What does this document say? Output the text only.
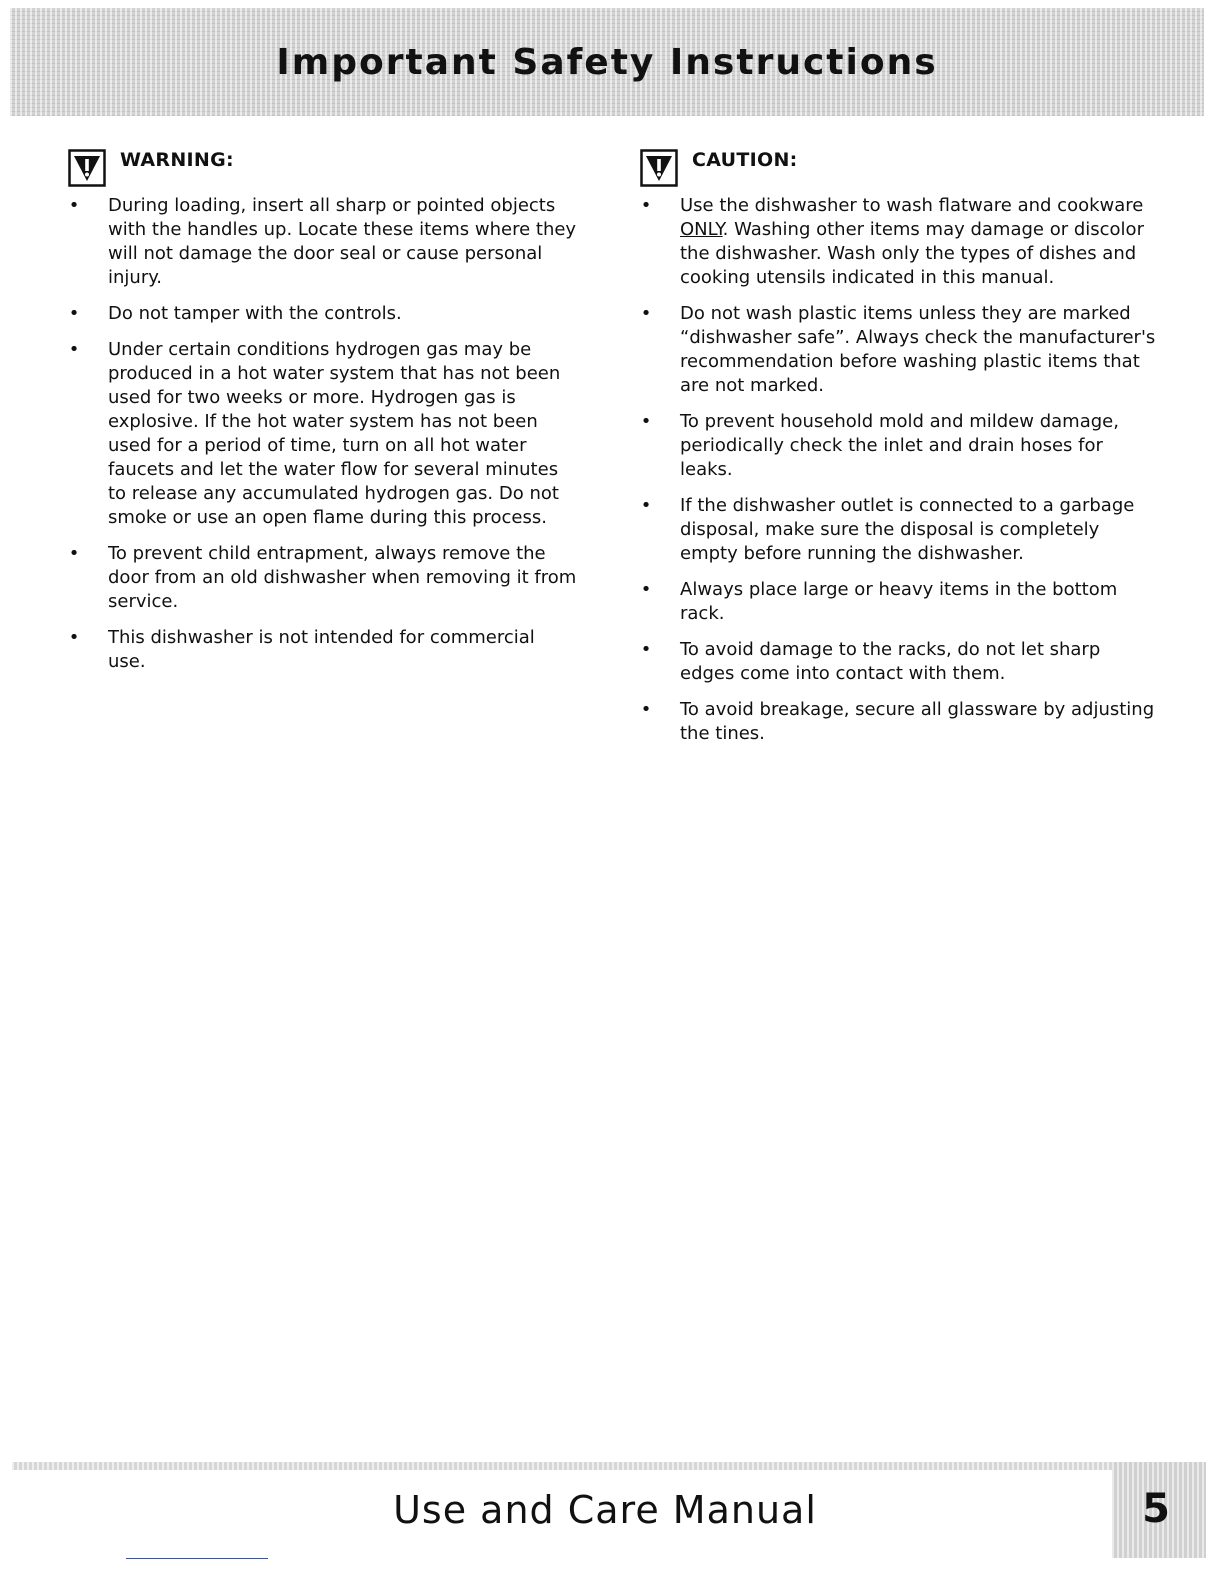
Important Safety Instructions
WARNING:
• During loading, insert all sharp or pointed objects with the handles up. Locate these items where they will not damage the door seal or cause personal injury.
• Do not tamper with the controls.
• Under certain conditions hydrogen gas may be produced in a hot water system that has not been used for two weeks or more. Hydrogen gas is explosive. If the hot water system has not been used for a period of time, turn on all hot water faucets and let the water flow for several minutes to release any accumulated hydrogen gas. Do not smoke or use an open flame during this process.
• To prevent child entrapment, always remove the door from an old dishwasher when removing it from service.
• This dishwasher is not intended for commercial use.
CAUTION:
• Use the dishwasher to wash flatware and cookware ONLY. Washing other items may damage or discolor the dishwasher. Wash only the types of dishes and cooking utensils indicated in this manual.
• Do not wash plastic items unless they are marked “dishwasher safe”. Always check the manufacturer's recommendation before washing plastic items that are not marked.
• To prevent household mold and mildew damage, periodically check the inlet and drain hoses for leaks.
• If the dishwasher outlet is connected to a garbage disposal, make sure the disposal is completely empty before running the dishwasher.
• Always place large or heavy items in the bottom rack.
• To avoid damage to the racks, do not let sharp edges come into contact with them.
• To avoid breakage, secure all glassware by adjusting the tines.
Use and Care Manual	5
